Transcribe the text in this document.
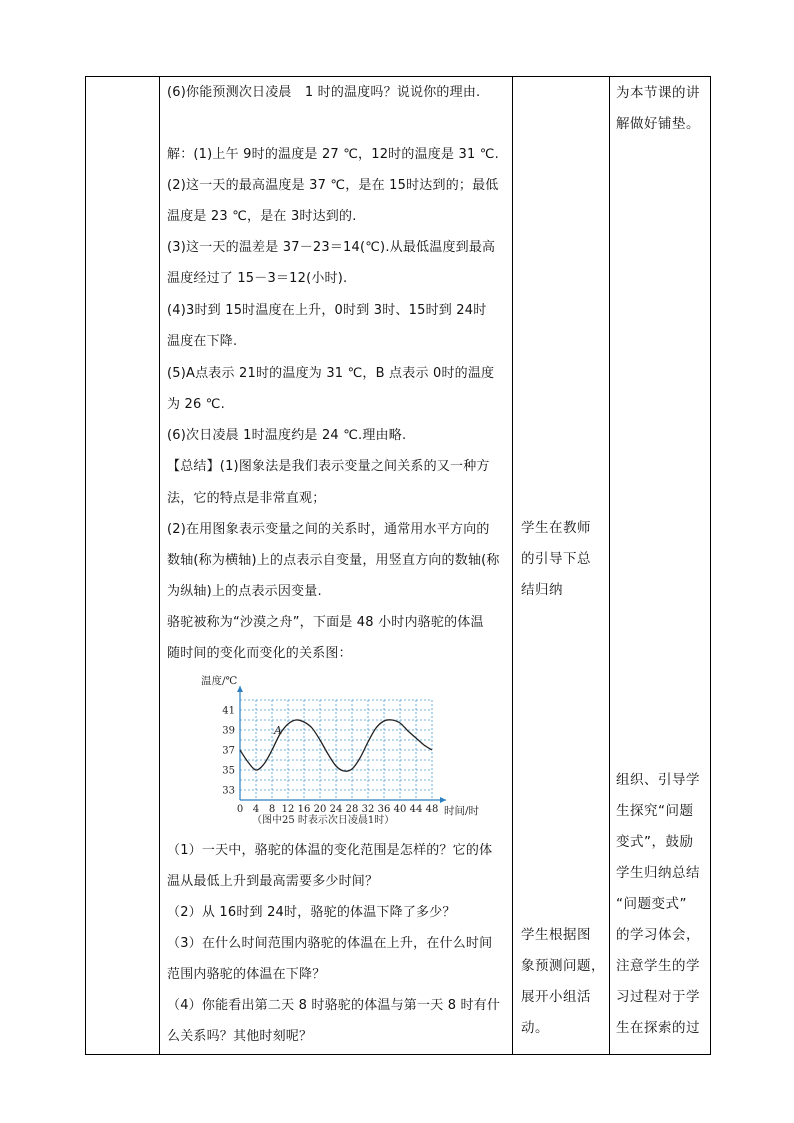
(6)你能预测次日凌晨　1 时的温度吗？说说你的理由.
解：(1)上午 9时的温度是 27 ℃，12时的温度是 31 ℃.
(2)这一天的最高温度是 37 ℃，是在 15时达到的；最低
温度是 23 ℃，是在 3时达到的.
(3)这一天的温差是 37－23＝14(℃).从最低温度到最高
温度经过了 15－3＝12(小时).
(4)3时到 15时温度在上升，0时到 3时、15时到 24时
温度在下降.
(5)A点表示 21时的温度为 31 ℃，B 点表示 0时的温度
为 26 ℃.
(6)次日凌晨 1时温度约是 24 ℃.理由略.
【总结】(1)图象法是我们表示变量之间关系的又一种方
法，它的特点是非常直观；
(2)在用图象表示变量之间的关系时，通常用水平方向的
数轴(称为横轴)上的点表示自变量，用竖直方向的数轴(称
为纵轴)上的点表示因变量.
骆驼被称为“沙漠之舟”，下面是 48 小时内骆驼的体温
随时间的变化而变化的关系图：
0 4 8 12 16 20 24 28 32 36 40 44 48
33
35
37
39
41
A
温度/℃
时间/时
（图中25 时表示次日凌晨1时）
（1）一天中，骆驼的体温的变化范围是怎样的？它的体
温从最低上升到最高需要多少时间？
（2）从 16时到 24时，骆驼的体温下降了多少？
（3）在什么时间范围内骆驼的体温在上升，在什么时间
范围内骆驼的体温在下降？
（4）你能看出第二天 8 时骆驼的体温与第一天 8 时有什
么关系吗？其他时刻呢？
学生在教师
的引导下总
结归纳
学生根据图
象预测问题，
展开小组活
动。
为本节课的讲
解做好铺垫。
组织、引导学
生探究“问题
变式”，鼓励
学生归纳总结
“问题变式”
的学习体会，
注意学生的学
习过程对于学
生在探索的过
